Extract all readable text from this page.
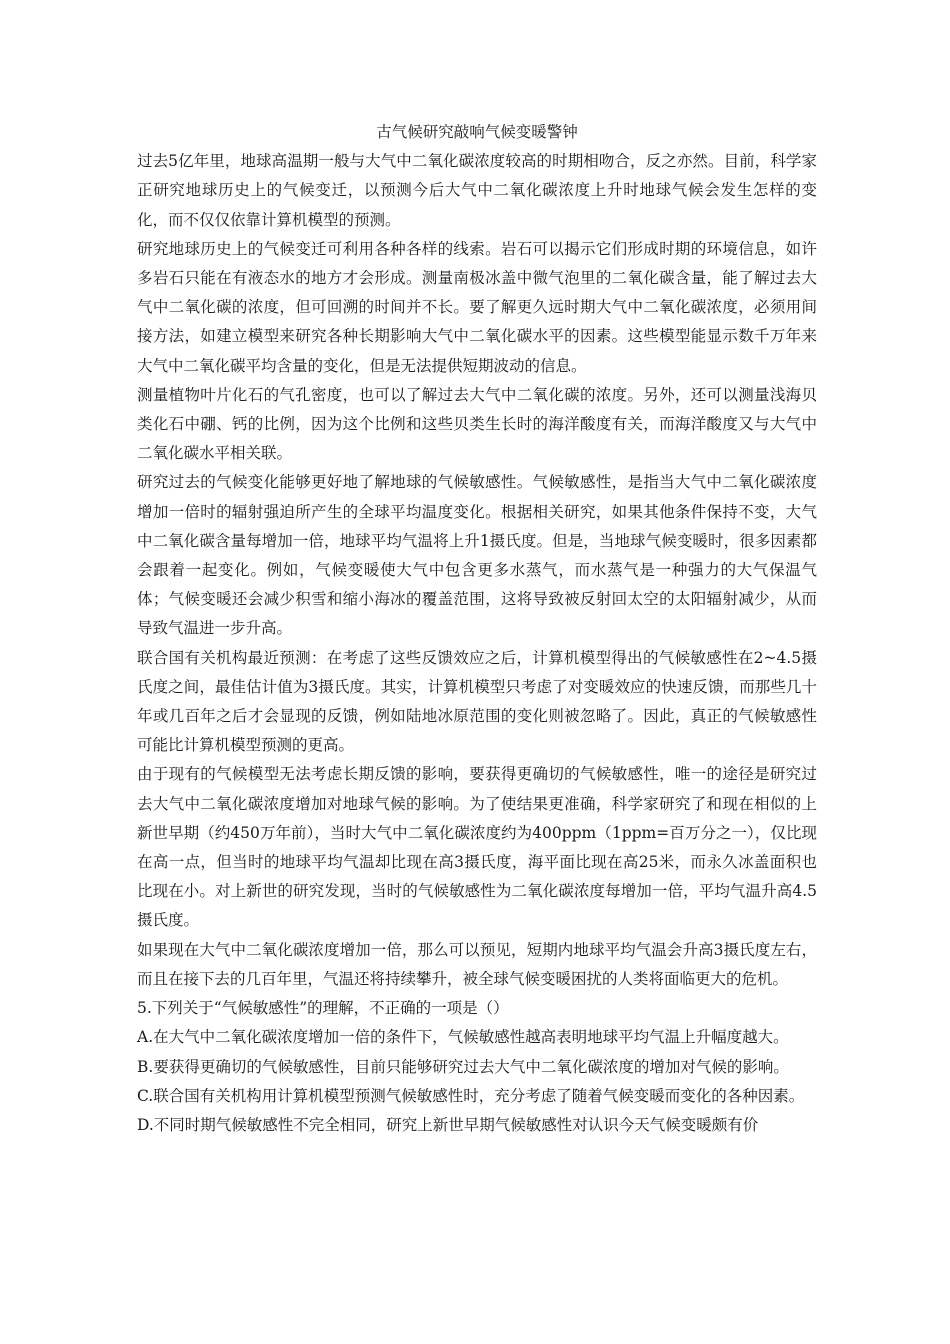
古气候研究敲响气候变暖警钟

过去5亿年里，地球高温期一般与大气中二氧化碳浓度较高的时期相吻合，反之亦然。目前，科学家正研究地球历史上的气候变迁，以预测今后大气中二氧化碳浓度上升时地球气候会发生怎样的变化，而不仅仅依靠计算机模型的预测。

研究地球历史上的气候变迁可利用各种各样的线索。岩石可以揭示它们形成时期的环境信息，如许多岩石只能在有液态水的地方才会形成。测量南极冰盖中微气泡里的二氧化碳含量，能了解过去大气中二氧化碳的浓度，但可回溯的时间并不长。要了解更久远时期大气中二氧化碳浓度，必须用间接方法，如建立模型来研究各种长期影响大气中二氧化碳水平的因素。这些模型能显示数千万年来大气中二氧化碳平均含量的变化，但是无法提供短期波动的信息。

测量植物叶片化石的气孔密度，也可以了解过去大气中二氧化碳的浓度。另外，还可以测量浅海贝类化石中硼、钙的比例，因为这个比例和这些贝类生长时的海洋酸度有关，而海洋酸度又与大气中二氧化碳水平相关联。

研究过去的气候变化能够更好地了解地球的气候敏感性。气候敏感性，是指当大气中二氧化碳浓度增加一倍时的辐射强迫所产生的全球平均温度变化。根据相关研究，如果其他条件保持不变，大气中二氧化碳含量每增加一倍，地球平均气温将上升1摄氏度。但是，当地球气候变暖时，很多因素都会跟着一起变化。例如，气候变暖使大气中包含更多水蒸气，而水蒸气是一种强力的大气保温气体；气候变暖还会减少积雪和缩小海冰的覆盖范围，这将导致被反射回太空的太阳辐射减少，从而导致气温进一步升高。

联合国有关机构最近预测：在考虑了这些反馈效应之后，计算机模型得出的气候敏感性在2~4.5摄氏度之间，最佳估计值为3摄氏度。其实，计算机模型只考虑了对变暖效应的快速反馈，而那些几十年或几百年之后才会显现的反馈，例如陆地冰原范围的变化则被忽略了。因此，真正的气候敏感性可能比计算机模型预测的更高。

由于现有的气候模型无法考虑长期反馈的影响，要获得更确切的气候敏感性，唯一的途径是研究过去大气中二氧化碳浓度增加对地球气候的影响。为了使结果更准确，科学家研究了和现在相似的上新世早期（约450万年前），当时大气中二氧化碳浓度约为400ppm（1ppm=百万分之一），仅比现在高一点，但当时的地球平均气温却比现在高3摄氏度，海平面比现在高25米，而永久冰盖面积也比现在小。对上新世的研究发现，当时的气候敏感性为二氧化碳浓度每增加一倍，平均气温升高4.5摄氏度。

如果现在大气中二氧化碳浓度增加一倍，那么可以预见，短期内地球平均气温会升高3摄氏度左右，而且在接下去的几百年里，气温还将持续攀升，被全球气候变暖困扰的人类将面临更大的危机。

5.下列关于“气候敏感性”的理解，不正确的一项是（）

A.在大气中二氧化碳浓度增加一倍的条件下，气候敏感性越高表明地球平均气温上升幅度越大。

B.要获得更确切的气候敏感性，目前只能够研究过去大气中二氧化碳浓度的增加对气候的影响。

C.联合国有关机构用计算机模型预测气候敏感性时，充分考虑了随着气候变暖而变化的各种因素。

D.不同时期气候敏感性不完全相同，研究上新世早期气候敏感性对认识今天气候变暖颇有价
